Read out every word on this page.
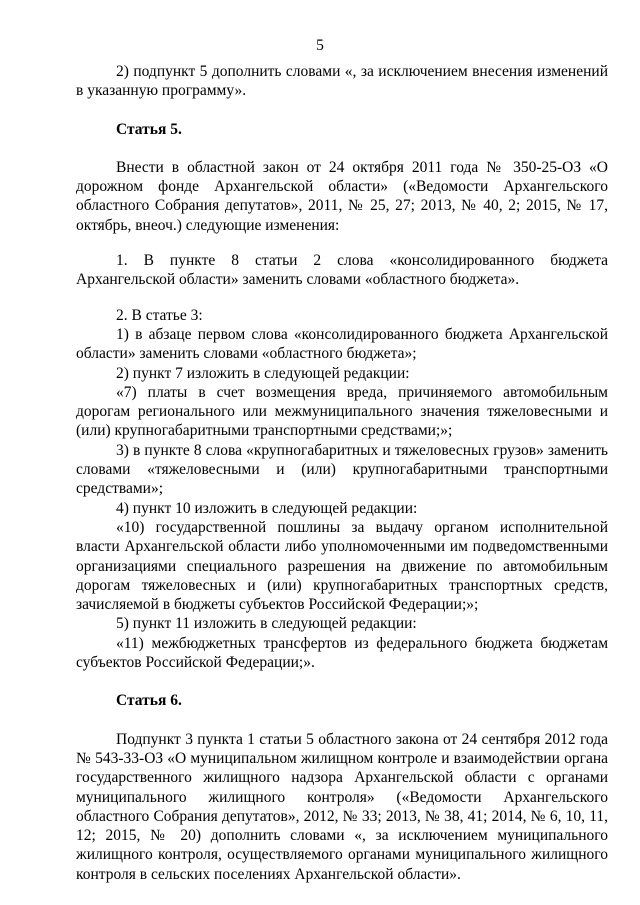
5

2) подпункт 5 дополнить словами «, за исключением внесения изменений в указанную программу».

Статья 5.

Внести в областной закон от 24 октября 2011 года № 350-25-ОЗ «О дорожном фонде Архангельской области» («Ведомости Архангельского областного Собрания депутатов», 2011, № 25, 27; 2013, № 40, 2; 2015, № 17, октябрь, внеоч.) следующие изменения:

1. В пункте 8 статьи 2 слова «консолидированного бюджета Архангельской области» заменить словами «областного бюджета».

2. В статье 3:

1) в абзаце первом слова «консолидированного бюджета Архангельской области» заменить словами «областного бюджета»;

2) пункт 7 изложить в следующей редакции:

«7) платы в счет возмещения вреда, причиняемого автомобильным дорогам регионального или межмуниципального значения тяжеловесными и (или) крупногабаритными транспортными средствами;»;

3) в пункте 8 слова «крупногабаритных и тяжеловесных грузов» заменить словами «тяжеловесными и (или) крупногабаритными транспортными средствами»;

4) пункт 10 изложить в следующей редакции:

«10) государственной пошлины за выдачу органом исполнительной власти Архангельской области либо уполномоченными им подведомственными организациями специального разрешения на движение по автомобильным дорогам тяжеловесных и (или) крупногабаритных транспортных средств, зачисляемой в бюджеты субъектов Российской Федерации;»;

5) пункт 11 изложить в следующей редакции:

«11) межбюджетных трансфертов из федерального бюджета бюджетам субъектов Российской Федерации;».

Статья 6.

Подпункт 3 пункта 1 статьи 5 областного закона от 24 сентября 2012 года № 543-33-ОЗ «О муниципальном жилищном контроле и взаимодействии органа государственного жилищного надзора Архангельской области с органами муниципального жилищного контроля» («Ведомости Архангельского областного Собрания депутатов», 2012, № 33; 2013, № 38, 41; 2014, № 6, 10, 11, 12; 2015, № 20) дополнить словами «, за исключением муниципального жилищного контроля, осуществляемого органами муниципального жилищного контроля в сельских поселениях Архангельской области».
